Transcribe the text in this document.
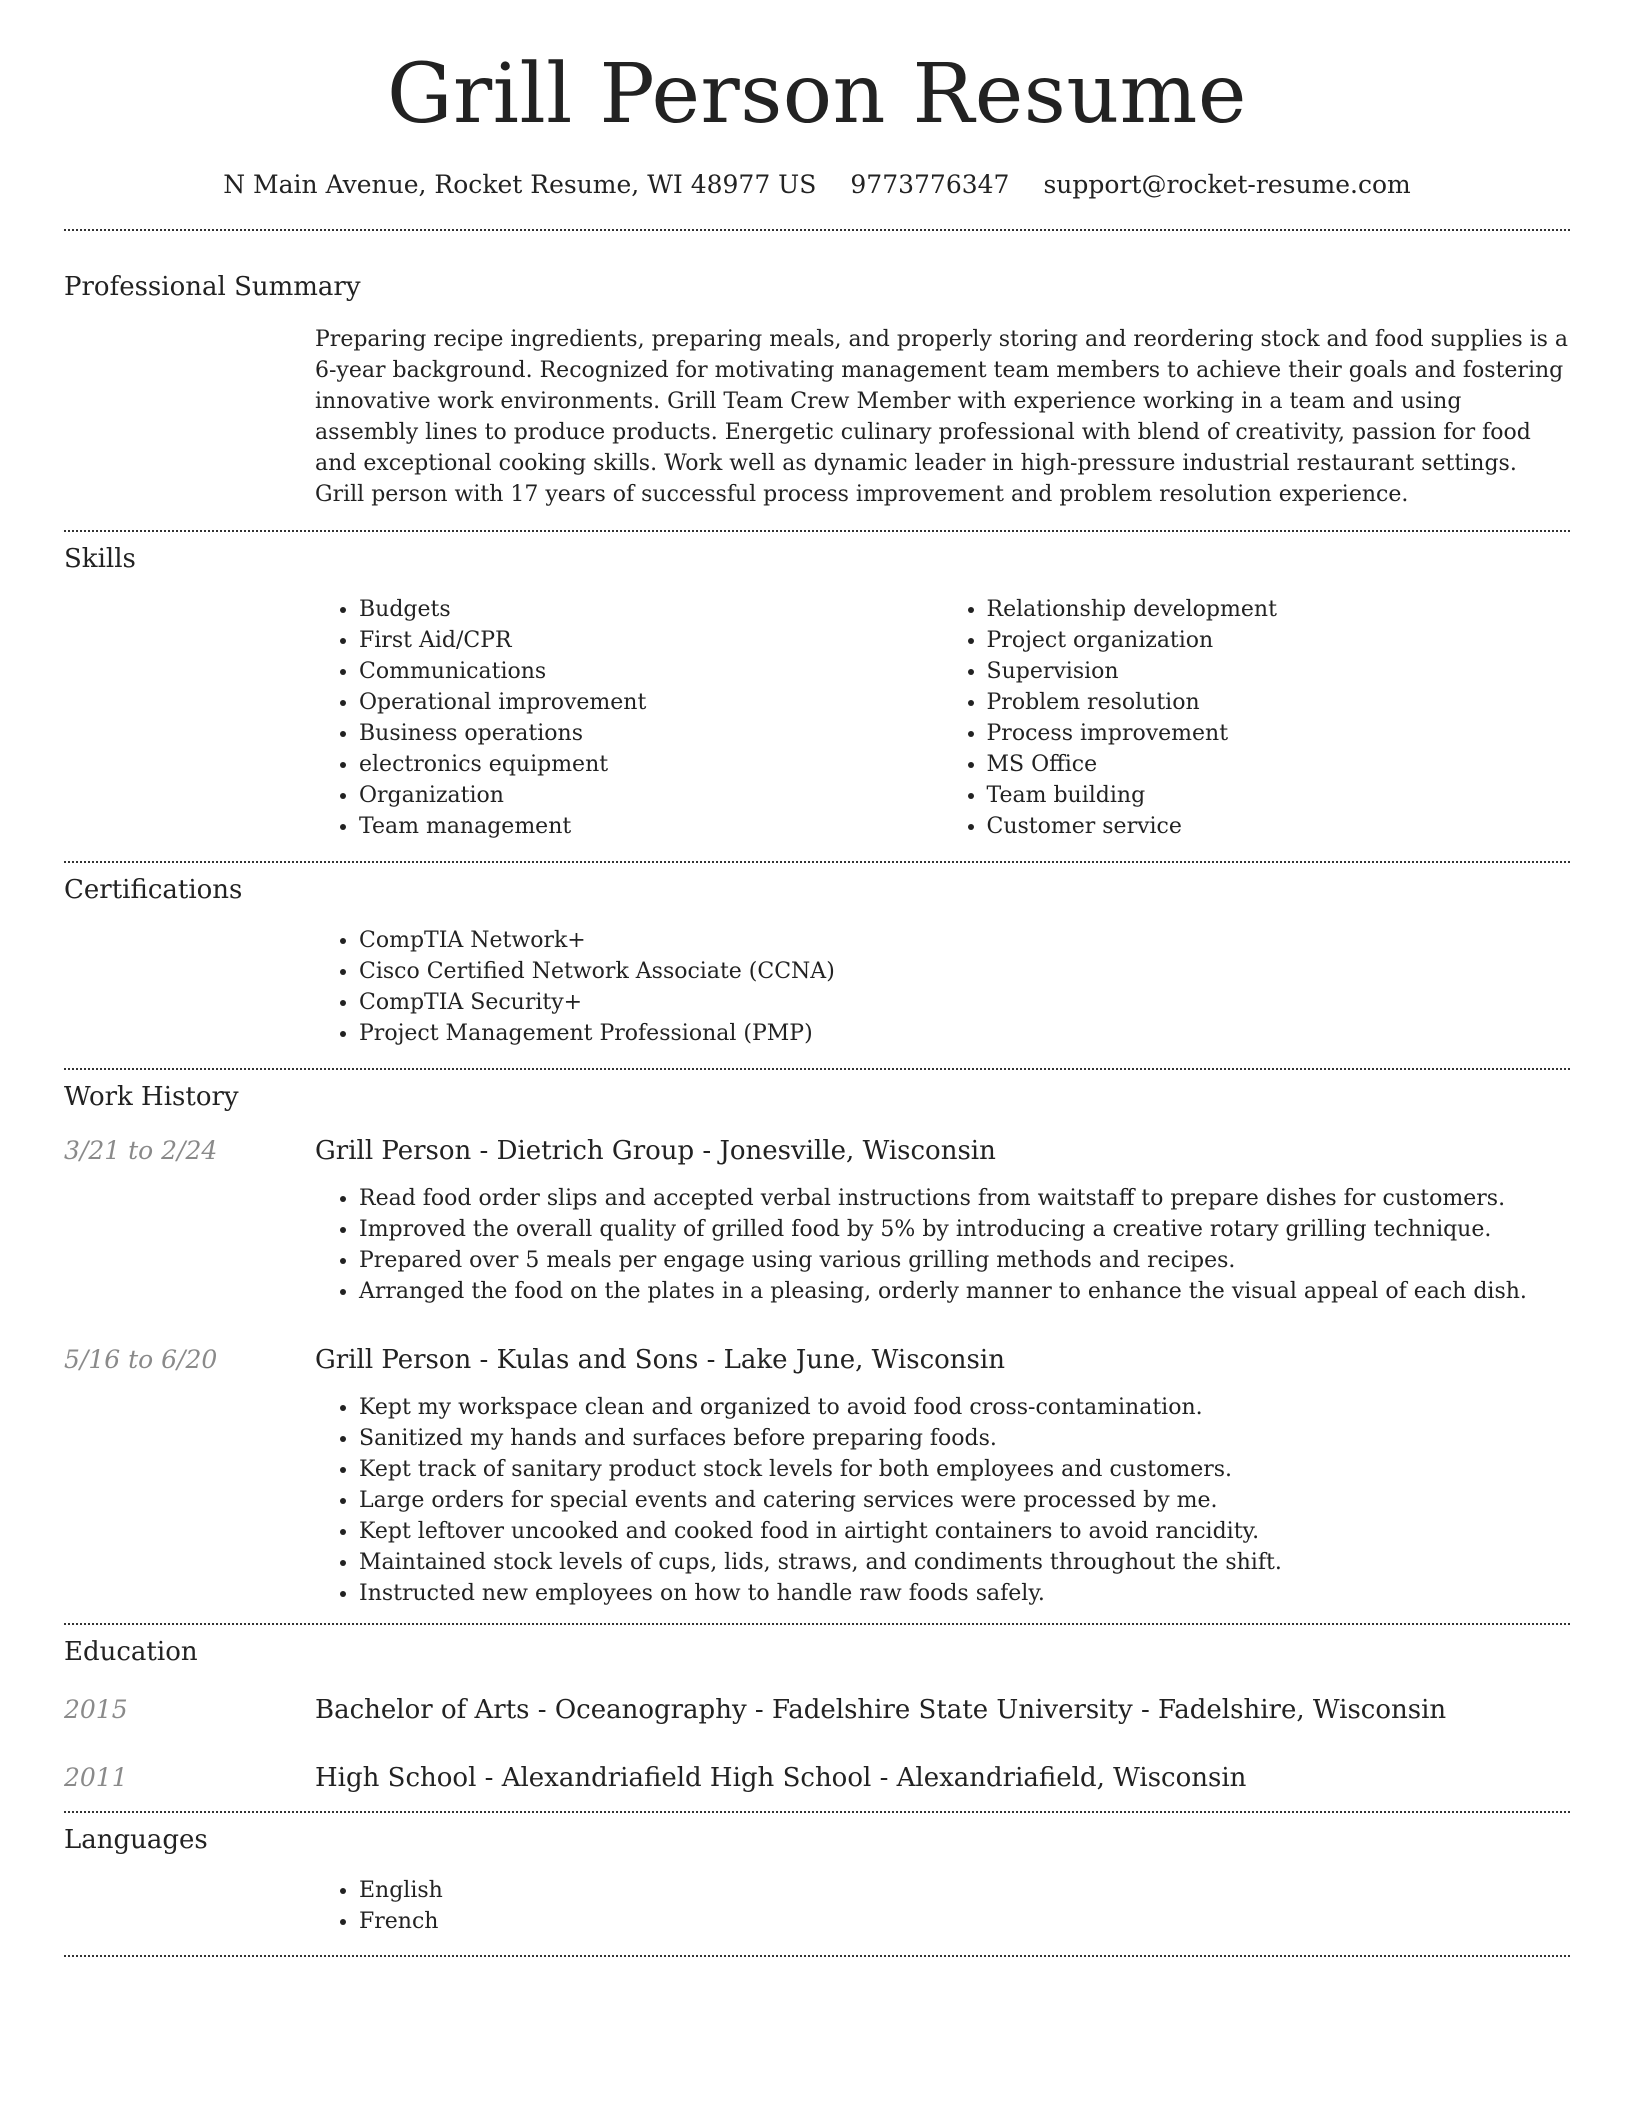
Grill Person Resume
N Main Avenue, Rocket Resume, WI 48977 US 9773776347 support@rocket-resume.com
Professional Summary

Preparing recipe ingredients, preparing meals, and properly storing and reordering stock and food supplies is a 6-year background. Recognized for motivating management team members to achieve their goals and fostering innovative work environments. Grill Team Crew Member with experience working in a team and using assembly lines to produce products. Energetic culinary professional with blend of creativity, passion for food and exceptional cooking skills. Work well as dynamic leader in high-pressure industrial restaurant settings. Grill person with 17 years of successful process improvement and problem resolution experience.

Skills
• Budgets
• First Aid/CPR
• Communications
• Operational improvement
• Business operations
• electronics equipment
• Organization
• Team management
• Relationship development
• Project organization
• Supervision
• Problem resolution
• Process improvement
• MS Office
• Team building
• Customer service
Certifications
• CompTIA Network+
• Cisco Certified Network Associate (CCNA)
• CompTIA Security+
• Project Management Professional (PMP)
Work History
3/21 to 2/24	Grill Person - Dietrich Group - Jonesville, Wisconsin
• Read food order slips and accepted verbal instructions from waitstaff to prepare dishes for customers.
• Improved the overall quality of grilled food by 5% by introducing a creative rotary grilling technique.
• Prepared over 5 meals per engage using various grilling methods and recipes.
• Arranged the food on the plates in a pleasing, orderly manner to enhance the visual appeal of each dish.
5/16 to 6/20	Grill Person - Kulas and Sons - Lake June, Wisconsin
• Kept my workspace clean and organized to avoid food cross-contamination.
• Sanitized my hands and surfaces before preparing foods.
• Kept track of sanitary product stock levels for both employees and customers.
• Large orders for special events and catering services were processed by me.
• Kept leftover uncooked and cooked food in airtight containers to avoid rancidity.
• Maintained stock levels of cups, lids, straws, and condiments throughout the shift.
• Instructed new employees on how to handle raw foods safely.
Education
2015	Bachelor of Arts - Oceanography - Fadelshire State University - Fadelshire, Wisconsin
2011	High School - Alexandriafield High School - Alexandriafield, Wisconsin
Languages
• English
• French
